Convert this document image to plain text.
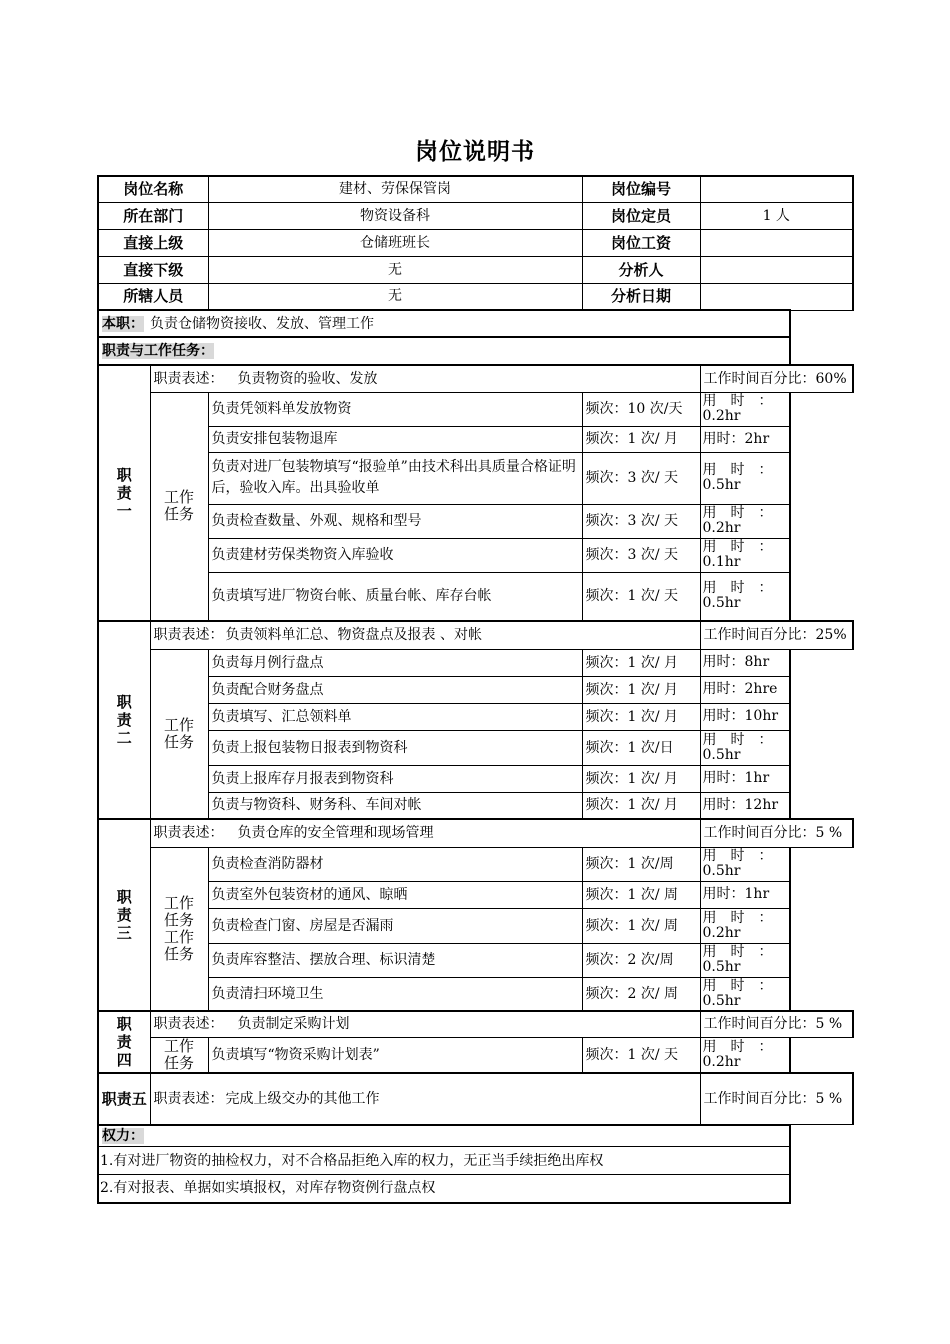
岗位说明书
岗位名称		建材、劳保保管岗	岗位编号	
所在部门		物资设备科	岗位定员	1 人
直接上级		仓储班班长	岗位工资	
直接下级		无	分析人	
所辖人员		无	分析日期	
本职： 负责仓储物资接收、发放、管理工作				
职责与工作任务：				
职责一	职责表述： 负责物资的验收、发放			工作时间百分比：60%
	工作任务	负责凭领料单发放物资	频次：10 次/天	用　时　：
0.2hr

		负责安排包装物退库	频次：1 次/ 月	用时：2hr

		负责对进厂包装物填写“报验单”由技术科出具质量合格证明后，验收入库。出具验收单	频次：3 次/ 天	用　时　：
0.5hr

		负责检查数量、外观、规格和型号	频次：3 次/ 天	用　时　：
0.2hr

		负责建材劳保类物资入库验收	频次：3 次/ 天	用　时　：
0.1hr

		负责填写进厂物资台帐、质量台帐、库存台帐	频次：1 次/ 天	用　时　：
0.5hr

职责二	职责表述： 负责领料单汇总、物资盘点及报表 、对帐			工作时间百分比：25%
	工作任务	负责每月例行盘点	频次：1 次/ 月	用时：8hr

		负责配合财务盘点	频次：1 次/ 月	用时：2hre

		负责填写、汇总领料单	频次：1 次/ 月	用时：10hr

		负责上报包装物日报表到物资科	频次：1 次/日	用　时　：
0.5hr

		负责上报库存月报表到物资科	频次：1 次/ 月	用时：1hr

		负责与物资科、财务科、车间对帐	频次：1 次/ 月	用时：12hr

职责三	职责表述： 负责仓库的安全管理和现场管理			工作时间百分比：5 %
	工作任务工作任务	负责检查消防器材	频次：1 次/周	用　时　：
0.5hr

		负责室外包装资材的通风、晾晒	频次：1 次/ 周	用时：1hr

		负责检查门窗、房屋是否漏雨	频次：1 次/ 周	用　时　：
0.2hr

		负责库容整洁、摆放合理、标识清楚	频次：2 次/周	用　时　：
0.5hr

		负责清扫环境卫生	频次：2 次/ 周	用　时　：
0.5hr

职责四	职责表述： 负责制定采购计划			工作时间百分比：5 %
	工作任务	负责填写“物资采购计划表”	频次：1 次/ 天	用　时　：
0.2hr

职责五	职责表述： 完成上级交办的其他工作			工作时间百分比：5 %
权力：				
1.有对进厂物资的抽检权力，对不合格品拒绝入库的权力，无正当手续拒绝出库权				
2.有对报表、单据如实填报权，对库存物资例行盘点权				
